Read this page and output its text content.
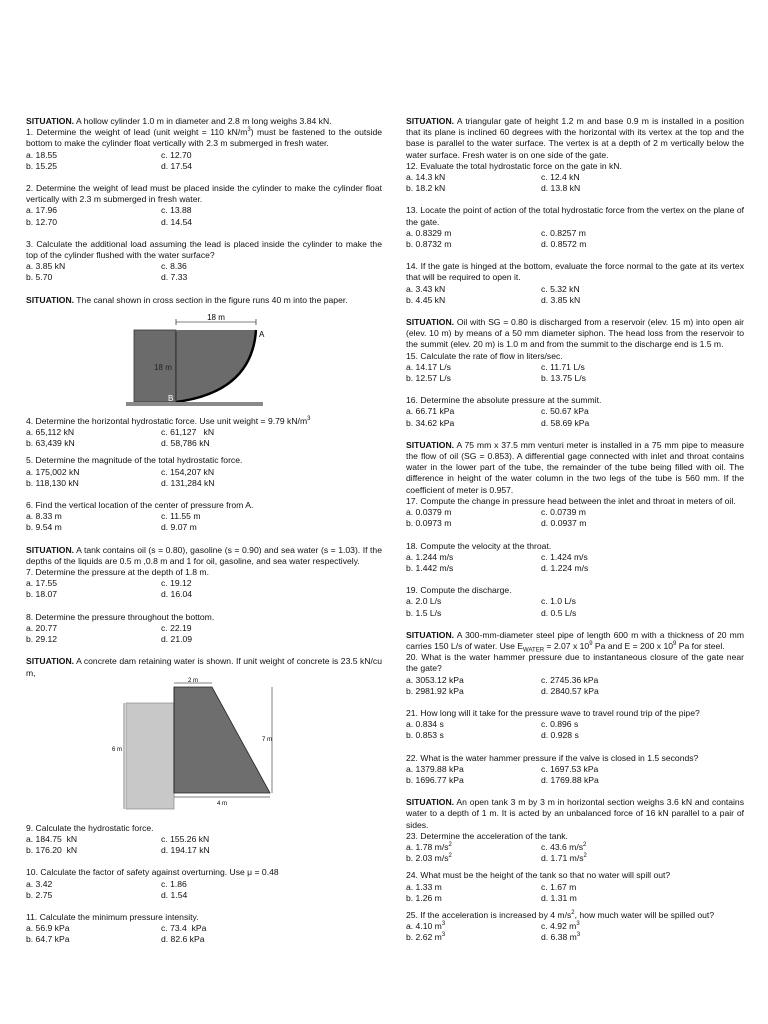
SITUATION. A hollow cylinder 1.0 m in diameter and 2.8 m long weighs 3.84 kN.

1. Determine the weight of lead (unit weight = 110 $kN/m^3$) must be fastened to the outside bottom to make the cylinder float vertically with 2.3 m submerged in fresh water.

a. 18.55	c. 12.70
b. 15.25	d. 17.54

2. Determine the weight of lead must be placed inside the cylinder to make the cylinder float vertically with 2.3 m submerged in fresh water.

a. 17.96	c. 13.88
b. 12.70	d. 14.54

3. Calculate the additional load assuming the lead is placed inside the cylinder to make the top of the cylinder flushed with the water surface?

a. 3.85 kN	c. 8.36
b. 5.70	d. 7.33

SITUATION. The canal shown in cross section in the figure runs 40 m into the paper.

18 m
18 m
A
B

4. Determine the horizontal hydrostatic force. Use unit weight = 9.79 $kN/m^3$

a. 65,112 kN	c. 61,127   kN
b. 63,439 kN	d. 58,786 kN

5. Determine the magnitude of the total hydrostatic force.

a. 175,002 kN	c. 154,207 kN
b. 118,130 kN	d. 131,284 kN

6. Find the vertical location of the center of pressure from A.

a. 8.33 m	c. 11.55 m
b. 9.54 m	d. 9.07 m

SITUATION. A tank contains oil (s = 0.80), gasoline (s = 0.90) and sea water (s = 1.03). If the depths of the liquids are 0.5 m ,0.8 m and 1 for oil, gasoline, and sea water respectively.

7. Determine the pressure at the depth of 1.8 m.

a. 17.55	c. 19.12
b. 18.07	d. 16.04

8. Determine the pressure throughout the bottom.

a. 20.77	c. 22.19
b. 29.12	d. 21.09

SITUATION. A concrete dam retaining water is shown. If unit weight of concrete is 23.5 kN/cu m,

2 m
6 m
7 m
4 m

9. Calculate the hydrostatic force.

a. 184.75  kN	c. 155.26 kN
b. 176.20  kN	d. 194.17 kN

10. Calculate the factor of safety against overturning. Use μ = 0.48

a. 3.42	c. 1.86
b. 2.75	d. 1.54

11. Calculate the minimum pressure intensity.

a. 56.9 kPa	c. 73.4  kPa
b. 64.7 kPa	d. 82.6 kPa

SITUATION. A triangular gate of height 1.2 m and base 0.9 m is installed in a position that its plane is inclined 60 degrees with the horizontal with its vertex at the top and the base is parallel to the water surface. The vertex is at a depth of 2 m vertically below the water surface. Fresh water is on one side of the gate.

12. Evaluate the total hydrostatic force on the gate in kN.

a. 14.3 kN	c. 12.4 kN
b. 18.2 kN	d. 13.8 kN

13. Locate the point of action of the total hydrostatic force from the vertex on the plane of the gate.

a. 0.8329 m	c. 0.8257 m
b. 0.8732 m	d. 0.8572 m

14. If the gate is hinged at the bottom, evaluate the force normal to the gate at its vertex that will be required to open it.

a. 3.43 kN	c. 5.32 kN
b. 4.45 kN	d. 3.85 kN

SITUATION. Oil with SG = 0.80 is discharged from a reservoir (elev. 15 m) into open air (elev. 10 m) by means of a 50 mm diameter siphon. The head loss from the reservoir to the summit (elev. 20 m) is 1.0 m and from the summit to the discharge end is 1.5 m.

15. Calculate the rate of flow in liters/sec.

a. 14.17 L/s	c. 11.71 L/s
b. 12.57 L/s	b. 13.75 L/s

16. Determine the absolute pressure at the summit.

a. 66.71 kPa	c. 50.67 kPa
b. 34.62 kPa	d. 58.69 kPa

SITUATION. A 75 mm x 37.5 mm venturi meter is installed in a 75 mm pipe to measure the flow of oil (SG = 0.853). A differential gage connected with inlet and throat contains water in the lower part of the tube, the remainder of the tube being filled with oil. The difference in height of the water column in the two legs of the tube is 560 mm. If the coefficient of meter is 0.957.

17. Compute the change in pressure head between the inlet and throat in meters of oil.

a. 0.0379 m	c. 0.0739 m
b. 0.0973 m	d. 0.0937 m

18. Compute the velocity at the throat.

a. 1.244 m/s	c. 1.424 m/s
b. 1.442 m/s	d. 1.224 m/s

19. Compute the discharge.

a. 2.0 L/s	c. 1.0 L/s
b. 1.5 L/s	d. 0.5 L/s

SITUATION. A 300-mm-diameter steel pipe of length 600 m with a thickness of 20 mm carries 150 L/s of water. Use $E_{WATER} = 2.07$ x $10^9$ Pa and E = 200 x $10^9$ Pa for steel.

20. What is the water hammer pressure due to instantaneous closure of the gate near the gate?

a. 3053.12 kPa	c. 2745.36 kPa
b. 2981.92 kPa	d. 2840.57 kPa

21. How long will it take for the pressure wave to travel round trip of the pipe?

a. 0.834 s	c. 0.896 s
b. 0.853 s	d. 0.928 s

22. What is the water hammer pressure if the valve is closed in 1.5 seconds?

a. 1379.88 kPa	c. 1697.53 kPa
b. 1696.77 kPa	d. 1769.88 kPa

SITUATION. An open tank 3 m by 3 m in horizontal section weighs 3.6 kN and contains water to a depth of 1 m. It is acted by an unbalanced force of 16 kN parallel to a pair of sides.

23. Determine the acceleration of the tank.

a. 1.78 $m/s^2$	c. 43.6 $m/s^2$
b. 2.03 $m/s^2$	d. 1.71 $m/s^2$

24. What must be the height of the tank so that no water will spill out?

a. 1.33 m	c. 1.67 m
b. 1.26 m	d. 1.31 m

25. If the acceleration is increased by 4 $m/s^2$, how much water will be spilled out?

a. 4.10 $m^3$	c. 4.92 $m^3$
b. 2.62 $m^3$	d. 6.38 $m^3$
